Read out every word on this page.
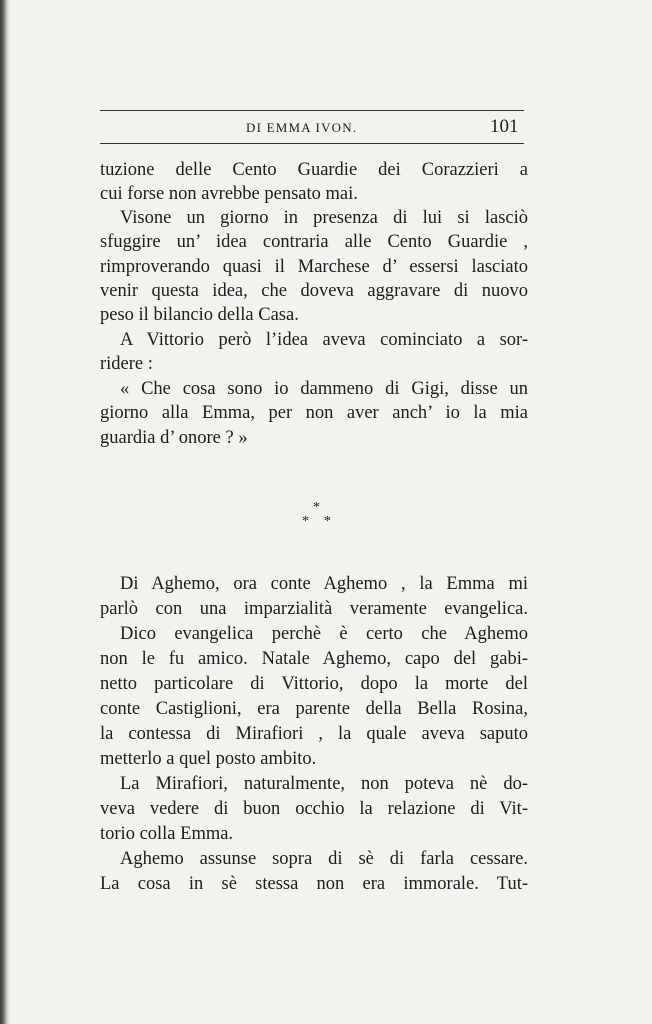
DI EMMA IVON.	101
tuzione delle Cento Guardie dei Corazzieri a
cui forse non avrebbe pensato mai.
Visone un giorno in presenza di lui si lasciò
sfuggire un’ idea contraria alle Cento Guardie ,
rimproverando quasi il Marchese d’ essersi lasciato
venir questa idea, che doveva aggravare di nuovo
peso il bilancio della Casa.
A Vittorio però l’idea aveva cominciato a sor-
ridere :
« Che cosa sono io dammeno di Gigi, disse un
giorno alla Emma, per non aver anch’ io la mia
guardia d’ onore ? »
*
* *
Di Aghemo, ora conte Aghemo , la Emma mi
parlò con una imparzialità veramente evangelica.
Dico evangelica perchè è certo che Aghemo
non le fu amico. Natale Aghemo, capo del gabi-
netto particolare di Vittorio, dopo la morte del
conte Castiglioni, era parente della Bella Rosina,
la contessa di Mirafiori , la quale aveva saputo
metterlo a quel posto ambito.
La Mirafiori, naturalmente, non poteva nè do-
veva vedere di buon occhio la relazione di Vit-
torio colla Emma.
Aghemo assunse sopra di sè di farla cessare.
La cosa in sè stessa non era immorale. Tut-
